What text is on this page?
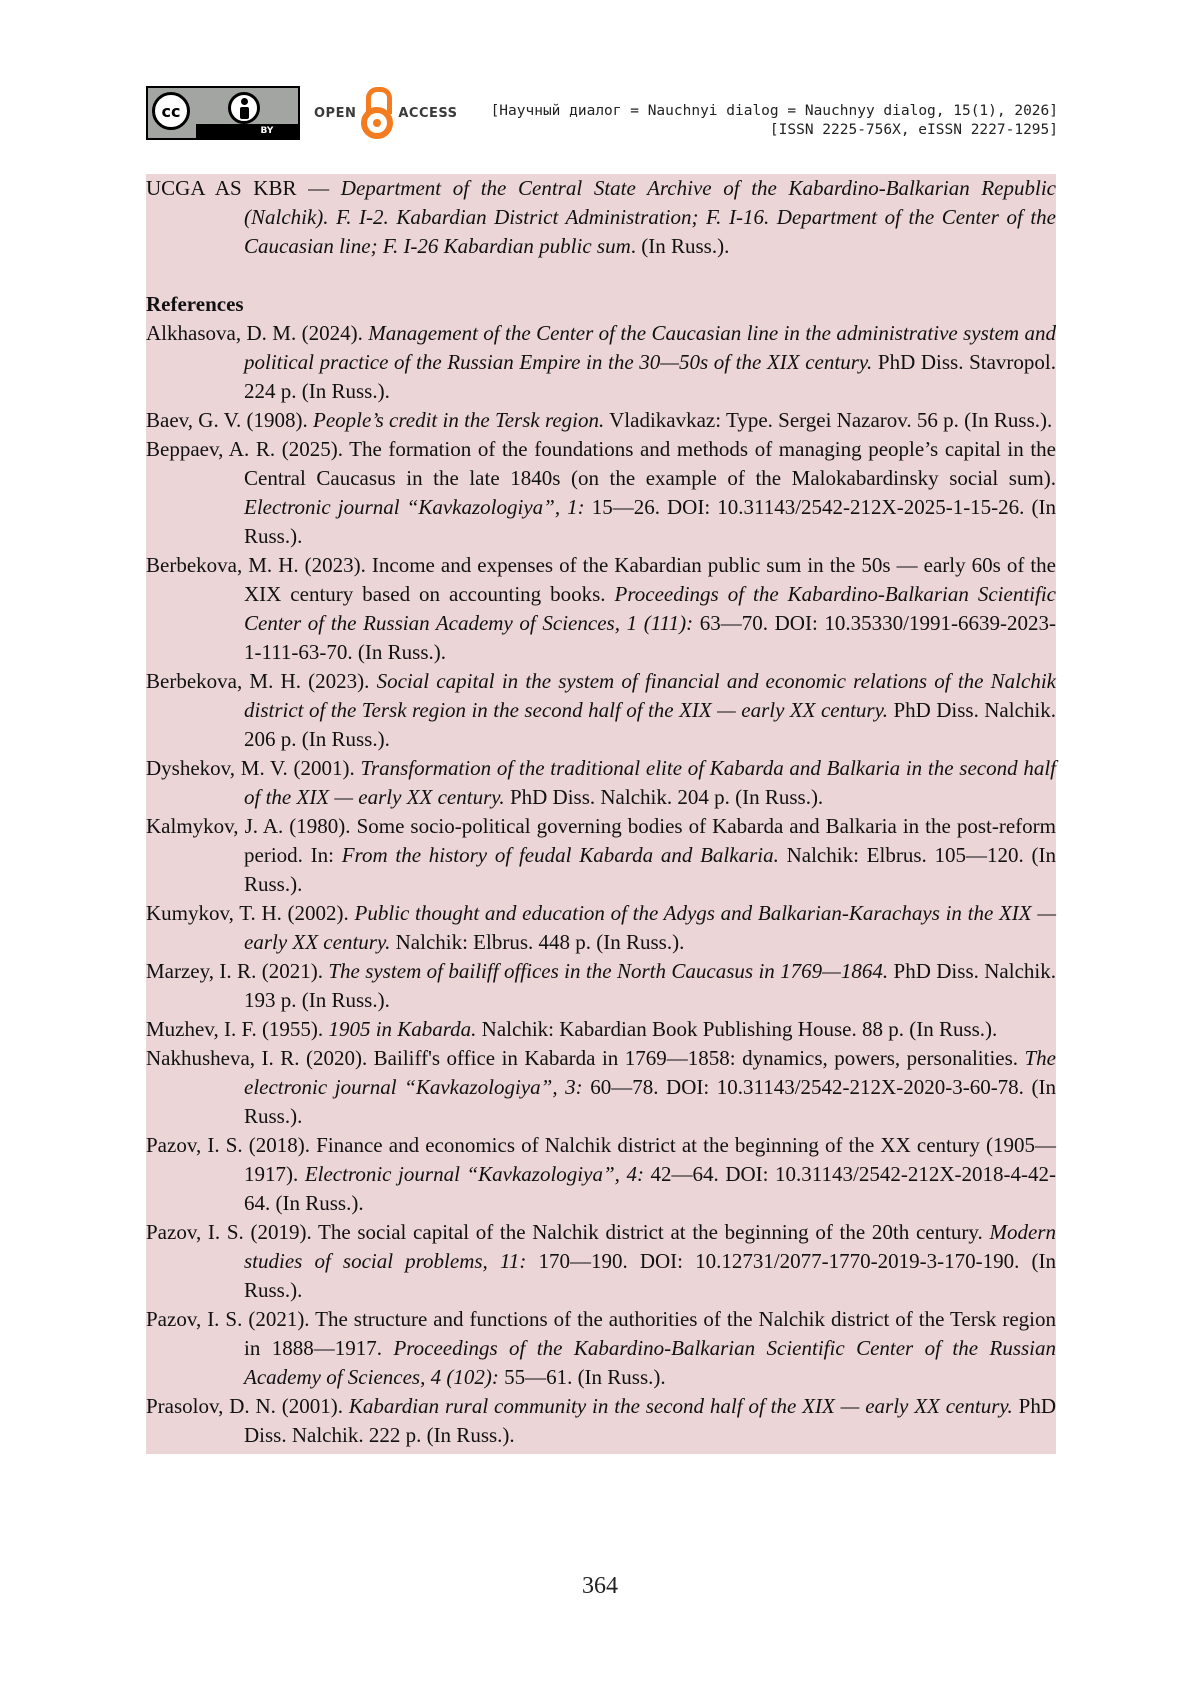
cc
BY
OPEN	ACCESS [Научный диалог = Nauchnyi dialog = Nauchnyy dialog, 15(1), 2026]
[ISSN 2225-756X, eISSN 2227-1295]

UCGA AS KBR — Department of the Central State Archive of the Kabardino-Balkarian Republic (Nalchik). F. I-2. Kabardian District Administration; F. I-16. Department of the Center of the Caucasian line; F. I-26 Kabardian public sum. (In Russ.).

References

Alkhasova, D. M. (2024). Management of the Center of the Caucasian line in the administrative system and political practice of the Russian Empire in the 30—50s of the XIX century. PhD Diss. Stavropol. 224 p. (In Russ.).

Baev, G. V. (1908). People’s credit in the Tersk region. Vladikavkaz: Type. Sergei Nazarov. 56 p. (In Russ.).

Beppaev, A. R. (2025). The formation of the foundations and methods of managing people’s capital in the Central Caucasus in the late 1840s (on the example of the Malokabardinsky social sum). Electronic journal “Kavkazologiya”, 1: 15—26. DOI: 10.31143/2542-212X-2025-1-15-26. (In Russ.).

Berbekova, M. H. (2023). Income and expenses of the Kabardian public sum in the 50s — early 60s of the XIX century based on accounting books. Proceedings of the Kabardino-Balkarian Scientific Center of the Russian Academy of Sciences, 1 (111): 63—70. DOI: 10.35330/1991-6639-2023-1-111-63-70. (In Russ.).

Berbekova, M. H. (2023). Social capital in the system of financial and economic relations of the Nalchik district of the Tersk region in the second half of the XIX — early XX century. PhD Diss. Nalchik. 206 p. (In Russ.).

Dyshekov, M. V. (2001). Transformation of the traditional elite of Kabarda and Balkaria in the second half of the XIX — early XX century. PhD Diss. Nalchik. 204 p. (In Russ.).

Kalmykov, J. A. (1980). Some socio-political governing bodies of Kabarda and Balkaria in the post-reform period. In: From the history of feudal Kabarda and Balkaria. Nalchik: Elbrus. 105—120. (In Russ.).

Kumykov, T. H. (2002). Public thought and education of the Adygs and Balkarian-Karachays in the XIX — early XX century. Nalchik: Elbrus. 448 p. (In Russ.).

Marzey, I. R. (2021). The system of bailiff offices in the North Caucasus in 1769—1864. PhD Diss. Nalchik. 193 p. (In Russ.).

Muzhev, I. F. (1955). 1905 in Kabarda. Nalchik: Kabardian Book Publishing House. 88 p. (In Russ.).

Nakhusheva, I. R. (2020). Bailiff's office in Kabarda in 1769—1858: dynamics, powers, personalities. The electronic journal “Kavkazologiya”, 3: 60—78. DOI: 10.31143/2542-212X-2020-3-60-78. (In Russ.).

Pazov, I. S. (2018). Finance and economics of Nalchik district at the beginning of the XX century (1905—1917). Electronic journal “Kavkazologiya”, 4: 42—64. DOI: 10.31143/2542-212X-2018-4-42-64. (In Russ.).

Pazov, I. S. (2019). The social capital of the Nalchik district at the beginning of the 20th century. Modern studies of social problems, 11: 170—190. DOI: 10.12731/2077-1770-2019-3-170-190. (In Russ.).

Pazov, I. S. (2021). The structure and functions of the authorities of the Nalchik district of the Tersk region in 1888—1917. Proceedings of the Kabardino-Balkarian Scientific Center of the Russian Academy of Sciences, 4 (102): 55—61. (In Russ.).

Prasolov, D. N. (2001). Kabardian rural community in the second half of the XIX — early XX century. PhD Diss. Nalchik. 222 p. (In Russ.).

364
